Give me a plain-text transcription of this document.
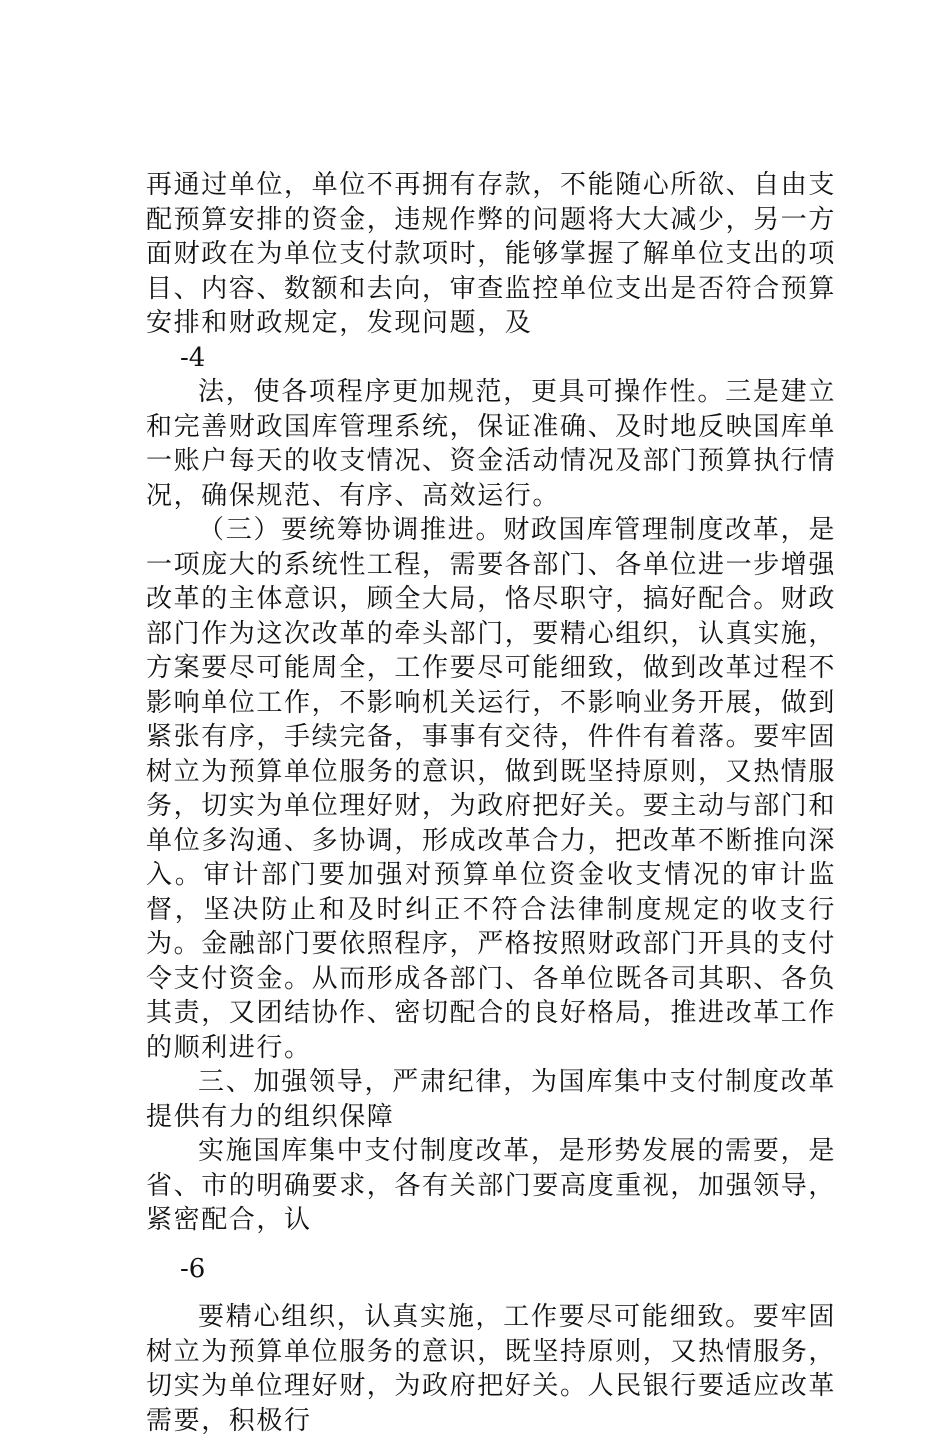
再通过单位，单位不再拥有存款，不能随心所欲、自由支配预算安排的资金，违规作弊的问题将大大减少，另一方面财政在为单位支付款项时，能够掌握了解单位支出的项目、内容、数额和去向，审查监控单位支出是否符合预算安排和财政规定，发现问题，及

-4

法，使各项程序更加规范，更具可操作性。三是建立和完善财政国库管理系统，保证准确、及时地反映国库单一账户每天的收支情况、资金活动情况及部门预算执行情况，确保规范、有序、高效运行。

（三）要统筹协调推进。财政国库管理制度改革，是一项庞大的系统性工程，需要各部门、各单位进一步增强改革的主体意识，顾全大局，恪尽职守，搞好配合。财政部门作为这次改革的牵头部门，要精心组织，认真实施，方案要尽可能周全，工作要尽可能细致，做到改革过程不影响单位工作，不影响机关运行，不影响业务开展，做到紧张有序，手续完备，事事有交待，件件有着落。要牢固树立为预算单位服务的意识，做到既坚持原则，又热情服务，切实为单位理好财，为政府把好关。要主动与部门和单位多沟通、多协调，形成改革合力，把改革不断推向深入。审计部门要加强对预算单位资金收支情况的审计监督，坚决防止和及时纠正不符合法律制度规定的收支行为。金融部门要依照程序，严格按照财政部门开具的支付令支付资金。从而形成各部门、各单位既各司其职、各负其责，又团结协作、密切配合的良好格局，推进改革工作的顺利进行。

三、加强领导，严肃纪律，为国库集中支付制度改革提供有力的组织保障

实施国库集中支付制度改革，是形势发展的需要，是省、市的明确要求，各有关部门要高度重视，加强领导，紧密配合，认

-6

要精心组织，认真实施，工作要尽可能细致。要牢固树立为预算单位服务的意识，既坚持原则，又热情服务，切实为单位理好财，为政府把好关。人民银行要适应改革需要，积极行
